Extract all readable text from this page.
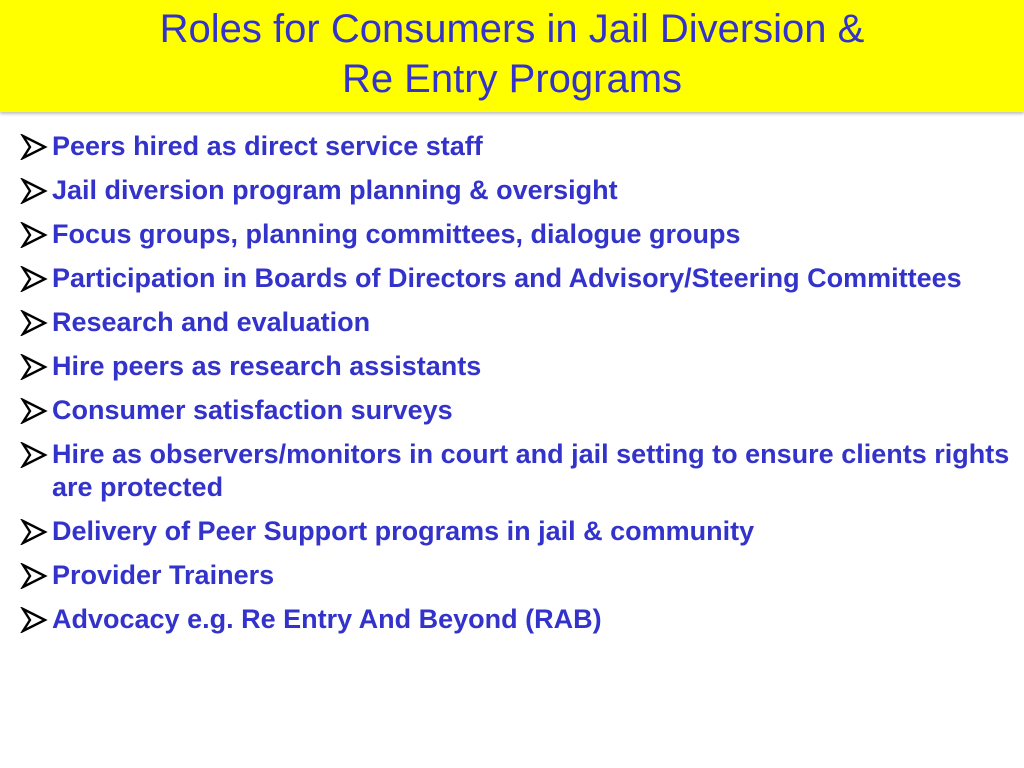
Roles for Consumers in Jail Diversion &
Re Entry Programs
Peers hired as direct service staff
Jail diversion program planning & oversight
Focus groups, planning committees, dialogue groups
Participation in Boards of Directors and Advisory/Steering Committees
Research and evaluation
Hire peers as research assistants
Consumer satisfaction surveys
Hire as observers/monitors in court and jail setting to ensure clients rights are protected
Delivery of Peer Support programs in jail & community
Provider Trainers
Advocacy e.g. Re Entry And Beyond (RAB)
